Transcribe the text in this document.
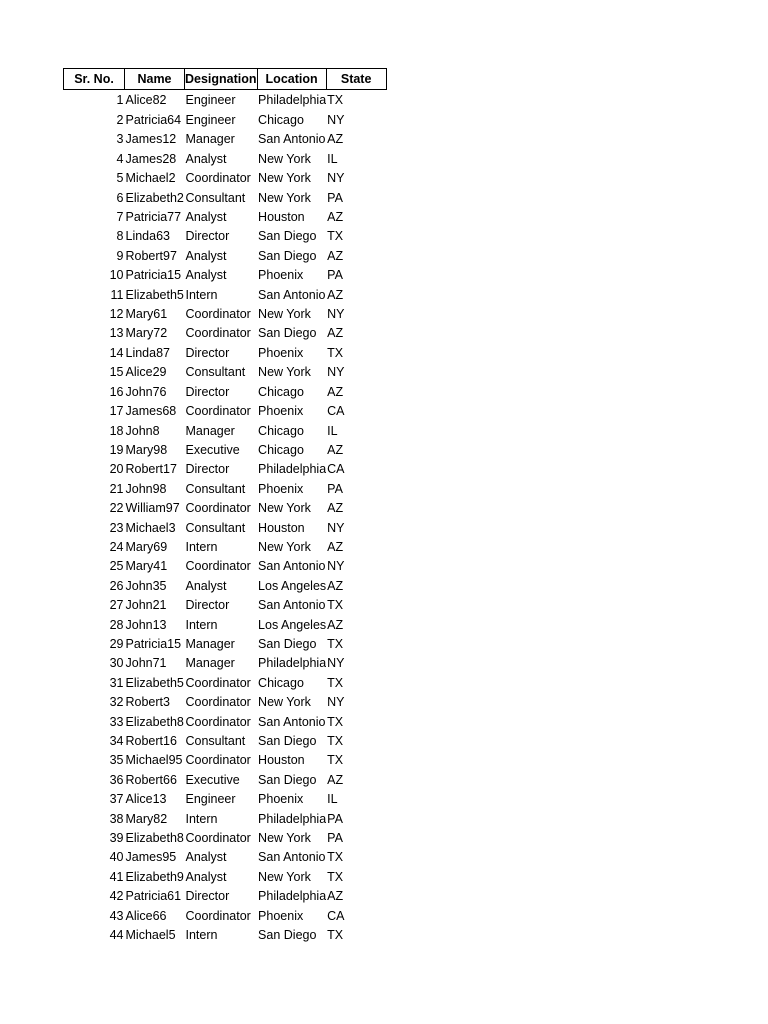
Sr. No.	Name	Designation	Location	State
1	Alice82	Engineer	Philadelphia	TX
2	Patricia64	Engineer	Chicago	NY
3	James12	Manager	San Antonio	AZ
4	James28	Analyst	New York	IL
5	Michael2	Coordinator	New York	NY
6	Elizabeth2	Consultant	New York	PA
7	Patricia77	Analyst	Houston	AZ
8	Linda63	Director	San Diego	TX
9	Robert97	Analyst	San Diego	AZ
10	Patricia15	Analyst	Phoenix	PA
11	Elizabeth5	Intern	San Antonio	AZ
12	Mary61	Coordinator	New York	NY
13	Mary72	Coordinator	San Diego	AZ
14	Linda87	Director	Phoenix	TX
15	Alice29	Consultant	New York	NY
16	John76	Director	Chicago	AZ
17	James68	Coordinator	Phoenix	CA
18	John8	Manager	Chicago	IL
19	Mary98	Executive	Chicago	AZ
20	Robert17	Director	Philadelphia	CA
21	John98	Consultant	Phoenix	PA
22	William97	Coordinator	New York	AZ
23	Michael3	Consultant	Houston	NY
24	Mary69	Intern	New York	AZ
25	Mary41	Coordinator	San Antonio	NY
26	John35	Analyst	Los Angeles	AZ
27	John21	Director	San Antonio	TX
28	John13	Intern	Los Angeles	AZ
29	Patricia15	Manager	San Diego	TX
30	John71	Manager	Philadelphia	NY
31	Elizabeth5	Coordinator	Chicago	TX
32	Robert3	Coordinator	New York	NY
33	Elizabeth8	Coordinator	San Antonio	TX
34	Robert16	Consultant	San Diego	TX
35	Michael95	Coordinator	Houston	TX
36	Robert66	Executive	San Diego	AZ
37	Alice13	Engineer	Phoenix	IL
38	Mary82	Intern	Philadelphia	PA
39	Elizabeth8	Coordinator	New York	PA
40	James95	Analyst	San Antonio	TX
41	Elizabeth9	Analyst	New York	TX
42	Patricia61	Director	Philadelphia	AZ
43	Alice66	Coordinator	Phoenix	CA
44	Michael5	Intern	San Diego	TX
